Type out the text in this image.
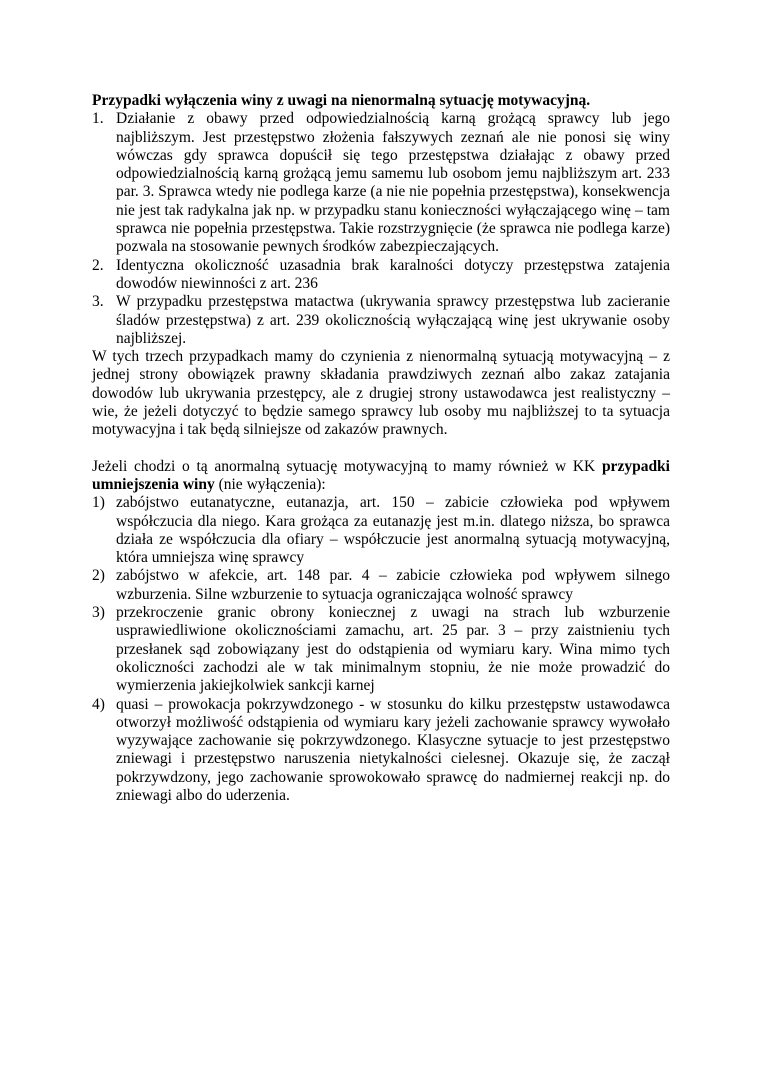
Przypadki wyłączenia winy z uwagi na nienormalną sytuację motywacyjną.

1. Działanie z obawy przed odpowiedzialnością karną grożącą sprawcy lub jego najbliższym. Jest przestępstwo złożenia fałszywych zeznań ale nie ponosi się winy wówczas gdy sprawca dopuścił się tego przestępstwa działając z obawy przed odpowiedzialnością karną grożącą jemu samemu lub osobom jemu najbliższym art. 233 par. 3. Sprawca wtedy nie podlega karze (a nie nie popełnia przestępstwa), konsekwencja nie jest tak radykalna jak np. w przypadku stanu konieczności wyłączającego winę – tam sprawca nie popełnia przestępstwa. Takie rozstrzygnięcie (że sprawca nie podlega karze) pozwala na stosowanie pewnych środków zabezpieczających.
2. Identyczna okoliczność uzasadnia brak karalności dotyczy przestępstwa zatajenia dowodów niewinności z art. 236
3. W przypadku przestępstwa matactwa (ukrywania sprawcy przestępstwa lub zacieranie śladów przestępstwa) z art. 239 okolicznością wyłączającą winę jest ukrywanie osoby najbliższej.

W tych trzech przypadkach mamy do czynienia z nienormalną sytuacją motywacyjną – z jednej strony obowiązek prawny składania prawdziwych zeznań albo zakaz zatajania dowodów lub ukrywania przestępcy, ale z drugiej strony ustawodawca jest realistyczny – wie, że jeżeli dotyczyć to będzie samego sprawcy lub osoby mu najbliższej to ta sytuacja motywacyjna i tak będą silniejsze od zakazów prawnych.

Jeżeli chodzi o tą anormalną sytuację motywacyjną to mamy również w KK przypadki umniejszenia winy (nie wyłączenia):

1) zabójstwo eutanatyczne, eutanazja, art. 150 – zabicie człowieka pod wpływem współczucia dla niego. Kara grożąca za eutanazję jest m.in. dlatego niższa, bo sprawca działa ze współczucia dla ofiary – współczucie jest anormalną sytuacją motywacyjną, która umniejsza winę sprawcy
2) zabójstwo w afekcie, art. 148 par. 4 – zabicie człowieka pod wpływem silnego wzburzenia. Silne wzburzenie to sytuacja ograniczająca wolność sprawcy
3) przekroczenie granic obrony koniecznej z uwagi na strach lub wzburzenie usprawiedliwione okolicznościami zamachu, art. 25 par. 3 – przy zaistnieniu tych przesłanek sąd zobowiązany jest do odstąpienia od wymiaru kary. Wina mimo tych okoliczności zachodzi ale w tak minimalnym stopniu, że nie może prowadzić do wymierzenia jakiejkolwiek sankcji karnej
4) quasi – prowokacja pokrzywdzonego - w stosunku do kilku przestępstw ustawodawca otworzył możliwość odstąpienia od wymiaru kary jeżeli zachowanie sprawcy wywołało wyzywające zachowanie się pokrzywdzonego. Klasyczne sytuacje to jest przestępstwo zniewagi i przestępstwo naruszenia nietykalności cielesnej. Okazuje się, że zaczął pokrzywdzony, jego zachowanie sprowokowało sprawcę do nadmiernej reakcji np. do zniewagi albo do uderzenia.
